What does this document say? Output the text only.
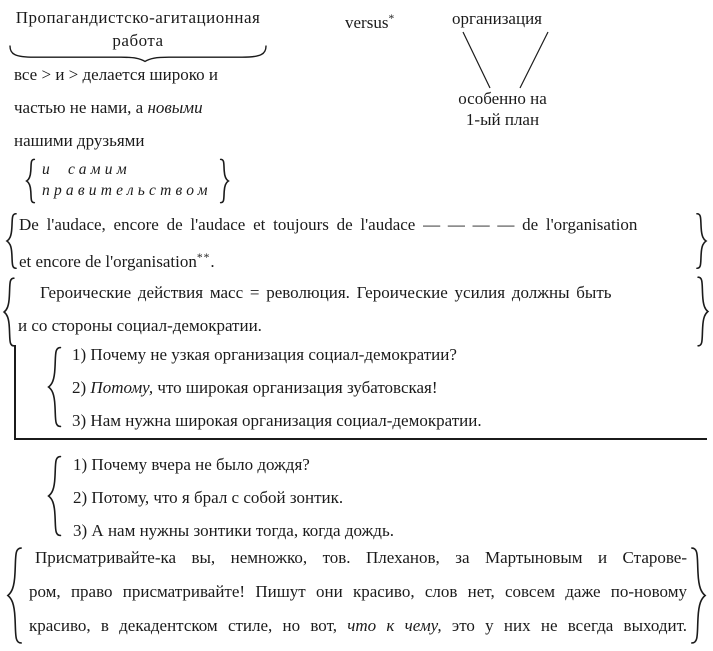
Пропагандистско-агитационная
работа
versus*	организация
особенно на
1-ый план
все > и > делается широко и
частью не нами, а новыми
нашими друзьями
и самим
правительством
De l'audace, encore de l'audace et toujours de l'audace — — — — de l'organisation
et encore de l'organisation**.
Героические действия масс = революция. Героические усилия должны быть
и со стороны социал-демократии.
1) Почему не узкая организация социал-демократии?
2) Потому, что широкая организация зубатовская!
3) Нам нужна широкая организация социал-демократии.
1) Почему вчера не было дождя?
2) Потому, что я брал с собой зонтик.
3) А нам нужны зонтики тогда, когда дождь.
Присматривайте-ка вы, немножко, тов. Плеханов, за Мартыновым и Старове-
ром, право присматривайте! Пишут они красиво, слов нет, совсем даже по-новому
красиво, в декадентском стиле, но вот, что к чему, это у них не всегда выходит.
